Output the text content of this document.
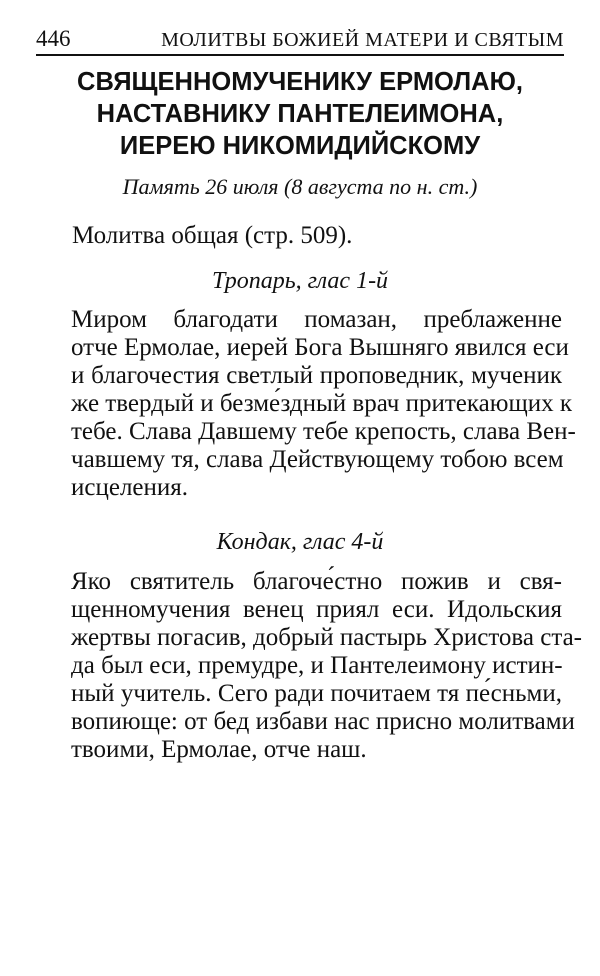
446	МОЛИТВЫ БОЖИЕЙ МАТЕРИ И СВЯТЫМ
СВЯЩЕННОМУЧЕНИКУ ЕРМОЛАЮ,
НАСТАВНИКУ ПАНТЕЛЕИМОНА,
ИЕРЕЮ НИКОМИДИЙСКОМУ
Память 26 июля (8 августа по н. ст.)
Молитва общая (стр. 509).
Тропарь, глас 1-й
Миром благодати помазан, преблаженне
отче Ермолае, иерей Бога Вышняго явился еси
и благочестия светлый проповедник, мученик
же твердый и безме́здный врач притекающих к
тебе. Слава Давшему тебе крепость, слава Вен-
чавшему тя, слава Действующему тобою всем
исцеления.
Кондак, глас 4-й
Яко святитель благоче́стно пожив и свя-
щенномучения венец приял еси. Идольския
жертвы погасив, добрый пастырь Христова ста-
да был еси, премудре, и Пантелеимону истин-
ный учитель. Сего ради почитаем тя пе́сньми,
вопиюще: от бед избави нас присно молитвами
твоими, Ермолае, отче наш.
